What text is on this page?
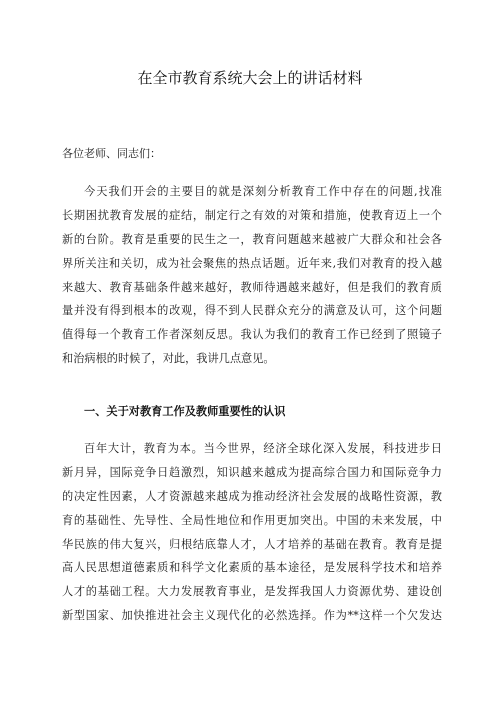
在全市教育系统大会上的讲话材料
各位老师、同志们：
今天我们开会的主要目的就是深刻分析教育工作中存在的问题,找准
长期困扰教育发展的症结，制定行之有效的对策和措施，使教育迈上一个
新的台阶。教育是重要的民生之一，教育问题越来越被广大群众和社会各
界所关注和关切，成为社会聚焦的热点话题。近年来,我们对教育的投入越
来越大、教育基础条件越来越好，教师待遇越来越好，但是我们的教育质
量并没有得到根本的改观，得不到人民群众充分的满意及认可，这个问题
值得每一个教育工作者深刻反思。我认为我们的教育工作已经到了照镜子
和治病根的时候了，对此，我讲几点意见。
一、关于对教育工作及教师重要性的认识
百年大计，教育为本。当今世界，经济全球化深入发展，科技进步日
新月异，国际竞争日趋激烈，知识越来越成为提高综合国力和国际竞争力
的决定性因素，人才资源越来越成为推动经济社会发展的战略性资源，教
育的基础性、先导性、全局性地位和作用更加突出。中国的未来发展，中
华民族的伟大复兴，归根结底靠人才，人才培养的基础在教育。教育是提
高人民思想道德素质和科学文化素质的基本途径，是发展科学技术和培养
人才的基础工程。大力发展教育事业，是发挥我国人力资源优势、建设创
新型国家、加快推进社会主义现代化的必然选择。作为**这样一个欠发达
